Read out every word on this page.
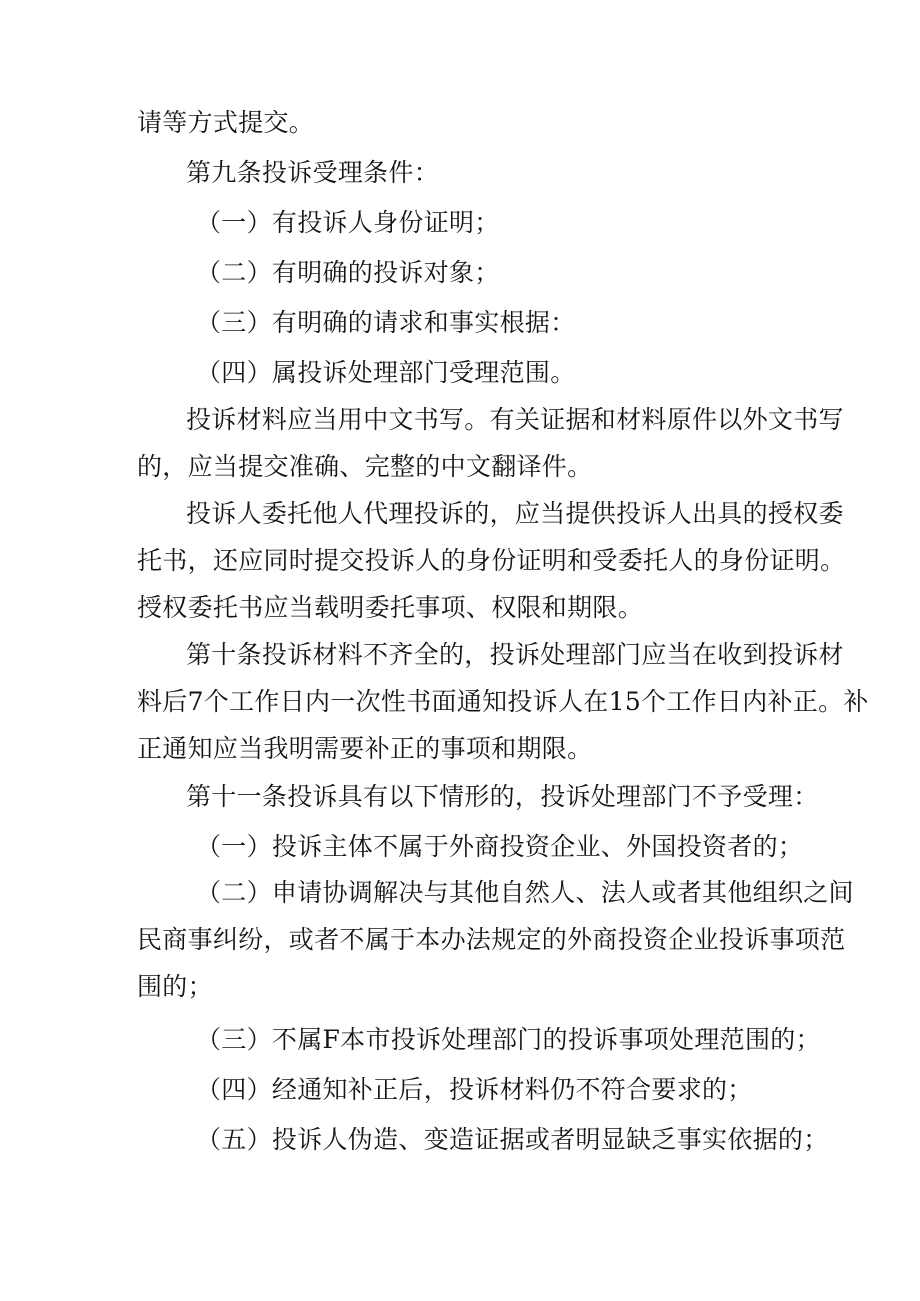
请等方式提交。
第九条投诉受理条件：
（一）有投诉人身份证明；
（二）有明确的投诉对象；
（三）有明确的请求和事实根据：
（四）属投诉处理部门受理范围。
投诉材料应当用中文书写。有关证据和材料原件以外文书写
的，应当提交准确、完整的中文翻译件。
投诉人委托他人代理投诉的，应当提供投诉人出具的授权委
托书，还应同时提交投诉人的身份证明和受委托人的身份证明。
授权委托书应当载明委托事项、权限和期限。
第十条投诉材料不齐全的，投诉处理部门应当在收到投诉材
料后7个工作日内一次性书面通知投诉人在15个工作日内补正。补
正通知应当我明需要补正的事项和期限。
第十一条投诉具有以下情形的，投诉处理部门不予受理：
（一）投诉主体不属于外商投资企业、外国投资者的；
（二）申请协调解决与其他自然人、法人或者其他组织之间
民商事纠纷，或者不属于本办法规定的外商投资企业投诉事项范
围的；
（三）不属F本市投诉处理部门的投诉事项处理范围的；
（四）经通知补正后，投诉材料仍不符合要求的；
（五）投诉人伪造、变造证据或者明显缺乏事实依据的；
